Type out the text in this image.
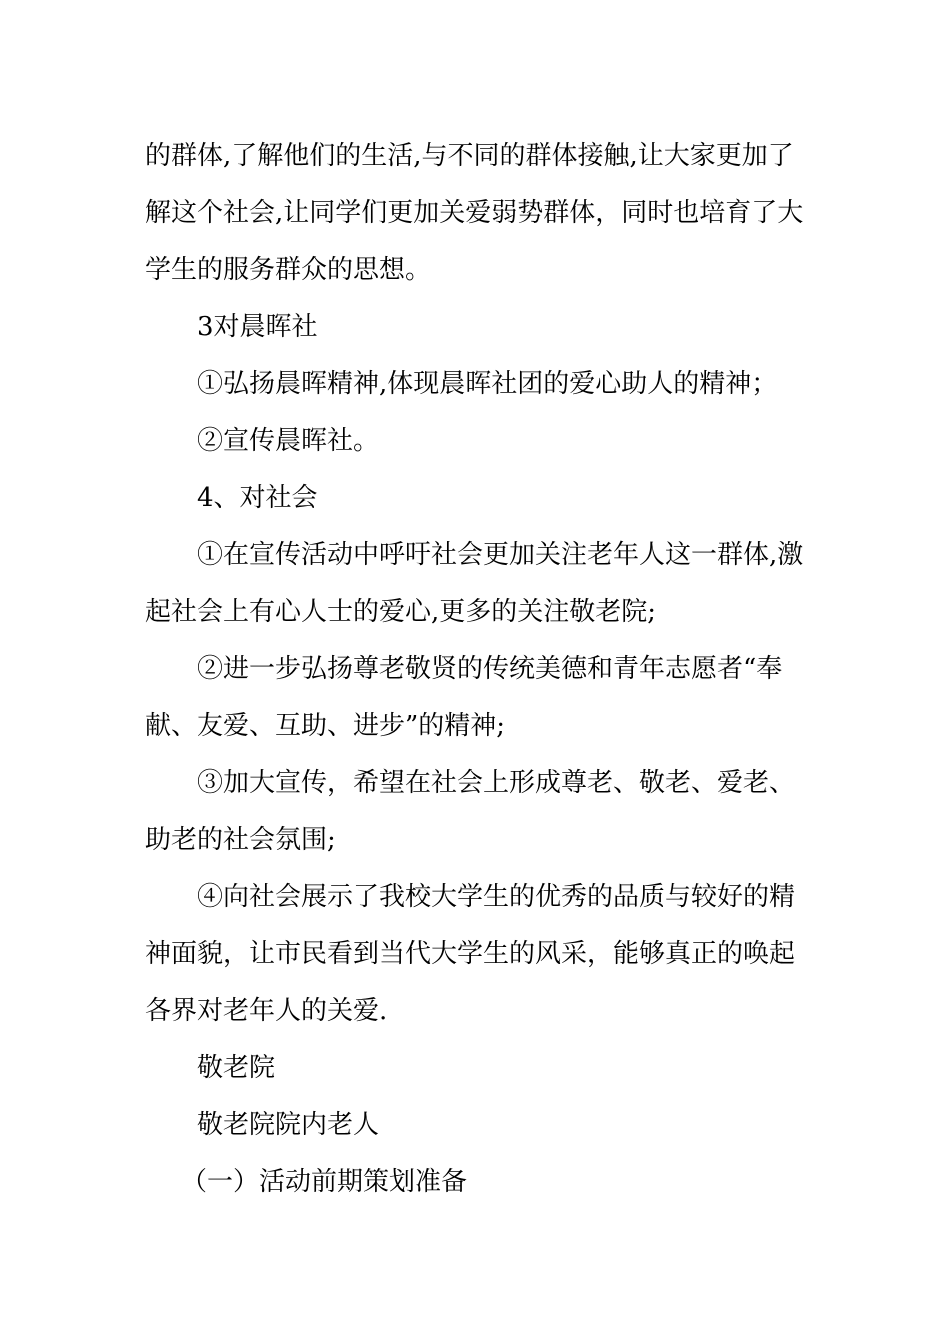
的群体,了解他们的生活,与不同的群体接触,让大家更加了解这个社会,让同学们更加关爱弱势群体，同时也培育了大学生的服务群众的思想。

3对晨晖社

①弘扬晨晖精神,体现晨晖社团的爱心助人的精神；

②宣传晨晖社。

4、对社会

①在宣传活动中呼吁社会更加关注老年人这一群体,激起社会上有心人士的爱心,更多的关注敬老院;

②进一步弘扬尊老敬贤的传统美德和青年志愿者“奉献、友爱、互助、进步”的精神;

③加大宣传，希望在社会上形成尊老、敬老、爱老、助老的社会氛围;

④向社会展示了我校大学生的优秀的品质与较好的精神面貌，让市民看到当代大学生的风采，能够真正的唤起各界对老年人的关爱.

敬老院

敬老院院内老人

（一）活动前期策划准备
